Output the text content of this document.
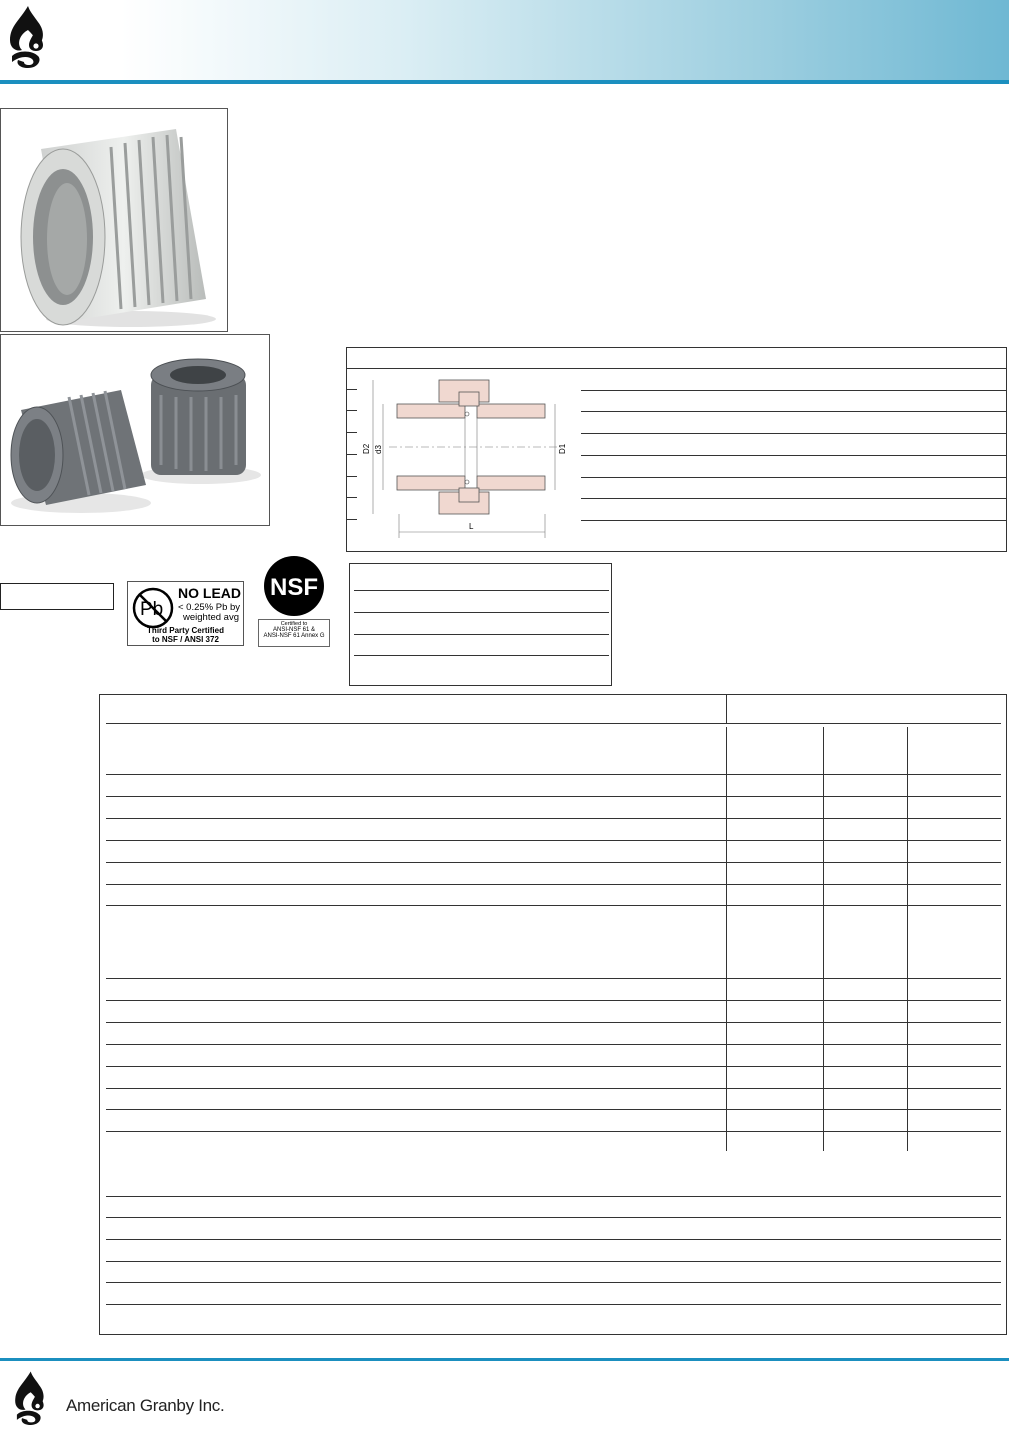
D2 d3	D1
L
Pb
NO LEAD
< 0.25% Pb by
weighted avg
Third Party Certified
to NSF / ANSI 372
NSF
Certified to
ANSI-NSF 61 &
ANSI-NSF 61 Annex G
American Granby Inc.
